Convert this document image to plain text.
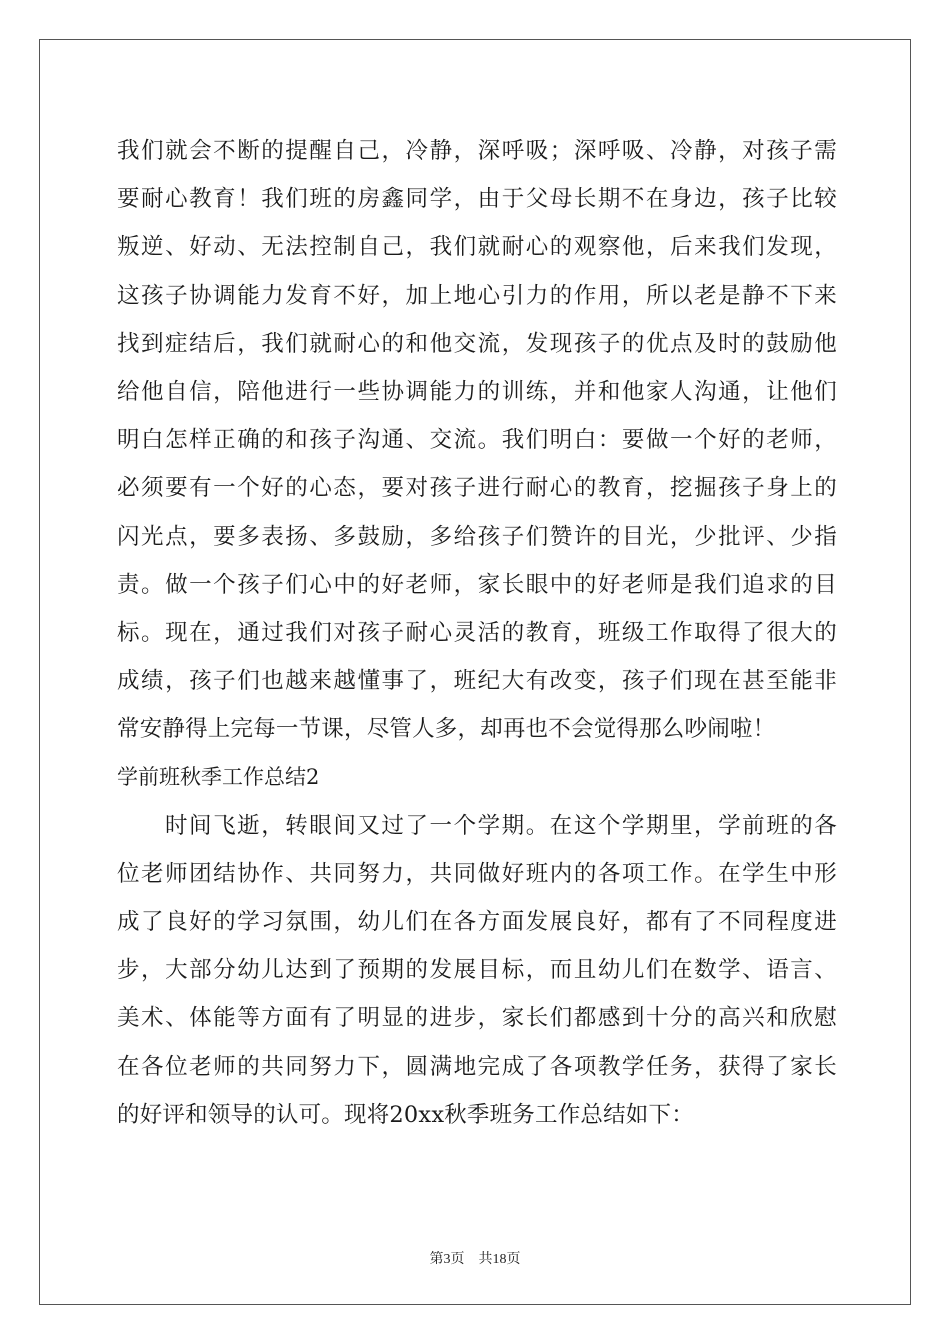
我们就会不断的提醒自己，冷静，深呼吸；深呼吸、冷静，对孩子需
要耐心教育！我们班的房鑫同学，由于父母长期不在身边，孩子比较
叛逆、好动、无法控制自己，我们就耐心的观察他，后来我们发现，
这孩子协调能力发育不好，加上地心引力的作用，所以老是静不下来
找到症结后，我们就耐心的和他交流，发现孩子的优点及时的鼓励他
给他自信，陪他进行一些协调能力的训练，并和他家人沟通，让他们
明白怎样正确的和孩子沟通、交流。我们明白：要做一个好的老师，
必须要有一个好的心态，要对孩子进行耐心的教育，挖掘孩子身上的
闪光点，要多表扬、多鼓励，多给孩子们赞许的目光，少批评、少指
责。做一个孩子们心中的好老师，家长眼中的好老师是我们追求的目
标。现在，通过我们对孩子耐心灵活的教育，班级工作取得了很大的
成绩，孩子们也越来越懂事了，班纪大有改变，孩子们现在甚至能非
常安静得上完每一节课，尽管人多，却再也不会觉得那么吵闹啦！
学前班秋季工作总结2
时间飞逝，转眼间又过了一个学期。在这个学期里，学前班的各
位老师团结协作、共同努力，共同做好班内的各项工作。在学生中形
成了良好的学习氛围，幼儿们在各方面发展良好，都有了不同程度进
步，大部分幼儿达到了预期的发展目标，而且幼儿们在数学、语言、
美术、体能等方面有了明显的进步，家长们都感到十分的高兴和欣慰
在各位老师的共同努力下，圆满地完成了各项教学任务，获得了家长
的好评和领导的认可。现将20xx秋季班务工作总结如下：
第3页 共18页
